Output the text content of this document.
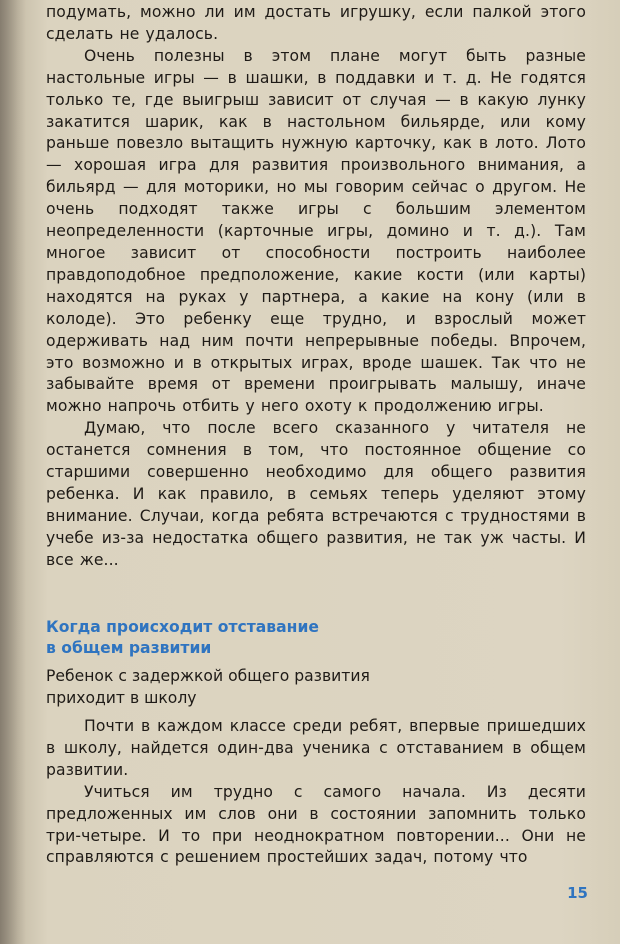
подумать, можно ли им достать игрушку, если палкой этого сделать не удалось.

Очень полезны в этом плане могут быть разные настольные игры — в шашки, в поддавки и т. д. Не годятся только те, где выигрыш зависит от случая — в какую лунку закатится шарик, как в настольном бильярде, или кому раньше повезло вытащить нужную карточку, как в лото. Лото — хорошая игра для развития произвольного внимания, а бильярд — для моторики, но мы говорим сейчас о другом. Не очень подходят также игры с большим элементом неопределенности (карточные игры, домино и т. д.). Там многое зависит от способности построить наиболее правдоподобное предположение, какие кости (или карты) находятся на руках у партнера, а какие на кону (или в колоде). Это ребенку еще трудно, и взрослый может одерживать над ним почти непрерывные победы. Впрочем, это возможно и в открытых играх, вроде шашек. Так что не забывайте время от времени проигрывать малышу, иначе можно напрочь отбить у него охоту к продолжению игры.

Думаю, что после всего сказанного у читателя не останется сомнения в том, что постоянное общение со старшими совершенно необходимо для общего развития ребенка. И как правило, в семьях теперь уделяют этому внимание. Случаи, когда ребята встречаются с трудностями в учебе из-за недостатка общего развития, не так уж часты. И все же...

Когда происходит отставание
в общем развитии
Ребенок с задержкой общего развития
приходит в школу

Почти в каждом классе среди ребят, впервые пришедших в школу, найдется один-два ученика с отставанием в общем развитии.

Учиться им трудно с самого начала. Из десяти предложенных им слов они в состоянии запомнить только три-четыре. И то при неоднократном повторении... Они не справляются с решением простейших задач, потому что

15
